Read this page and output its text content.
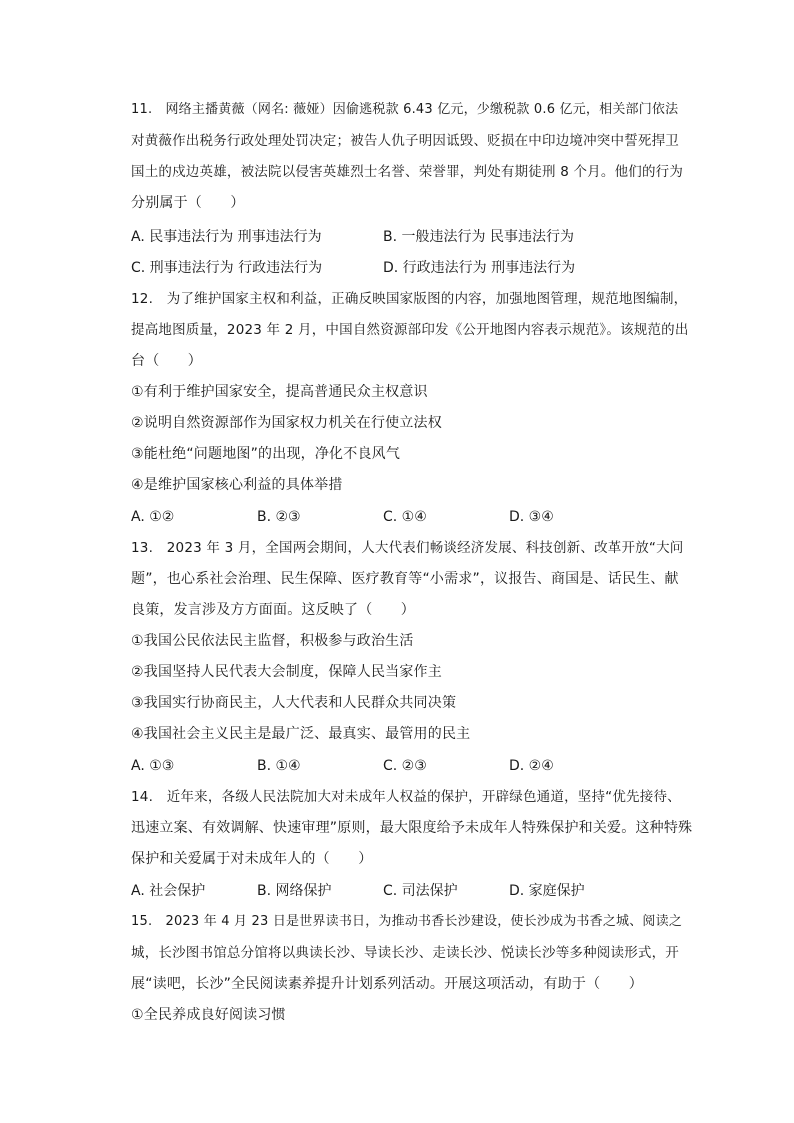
11.　网络主播黄薇（网名: 薇娅）因偷逃税款 6.43 亿元，少缴税款 0.6 亿元，相关部门依法
对黄薇作出税务行政处理处罚决定；被告人仇子明因诋毁、贬损在中印边境冲突中誓死捍卫
国土的戍边英雄，被法院以侵害英雄烈士名誉、荣誉罪，判处有期徒刑 8 个月。他们的行为
分别属于（　　）
A. 民事违法行为 刑事违法行为	B. 一般违法行为 民事违法行为
C. 刑事违法行为 行政违法行为	D. 行政违法行为 刑事违法行为
12.　为了维护国家主权和利益，正确反映国家版图的内容，加强地图管理，规范地图编制，
提高地图质量，2023 年 2 月，中国自然资源部印发《公开地图内容表示规范》。该规范的出
台（　　）
①有利于维护国家安全，提高普通民众主权意识
②说明自然资源部作为国家权力机关在行使立法权
③能杜绝“问题地图”的出现，净化不良风气
④是维护国家核心利益的具体举措
A. ①②	B. ②③	C. ①④	D. ③④
13.　2023 年 3 月，全国两会期间，人大代表们畅谈经济发展、科技创新、改革开放“大问
题”，也心系社会治理、民生保障、医疗教育等“小需求”，议报告、商国是、话民生、献
良策，发言涉及方方面面。这反映了（　　）
①我国公民依法民主监督，积极参与政治生活
②我国坚持人民代表大会制度，保障人民当家作主
③我国实行协商民主，人大代表和人民群众共同决策
④我国社会主义民主是最广泛、最真实、最管用的民主
A. ①③	B. ①④	C. ②③	D. ②④
14.　近年来，各级人民法院加大对未成年人权益的保护，开辟绿色通道，坚持“优先接待、
迅速立案、有效调解、快速审理”原则，最大限度给予未成年人特殊保护和关爱。这种特殊
保护和关爱属于对未成年人的（　　）
A. 社会保护	B. 网络保护	C. 司法保护	D. 家庭保护
15.　2023 年 4 月 23 日是世界读书日，为推动书香长沙建设，使长沙成为书香之城、阅读之
城，长沙图书馆总分馆将以典读长沙、导读长沙、走读长沙、悦读长沙等多种阅读形式，开
展“读吧，长沙”全民阅读素养提升计划系列活动。开展这项活动，有助于（　　）
①全民养成良好阅读习惯
